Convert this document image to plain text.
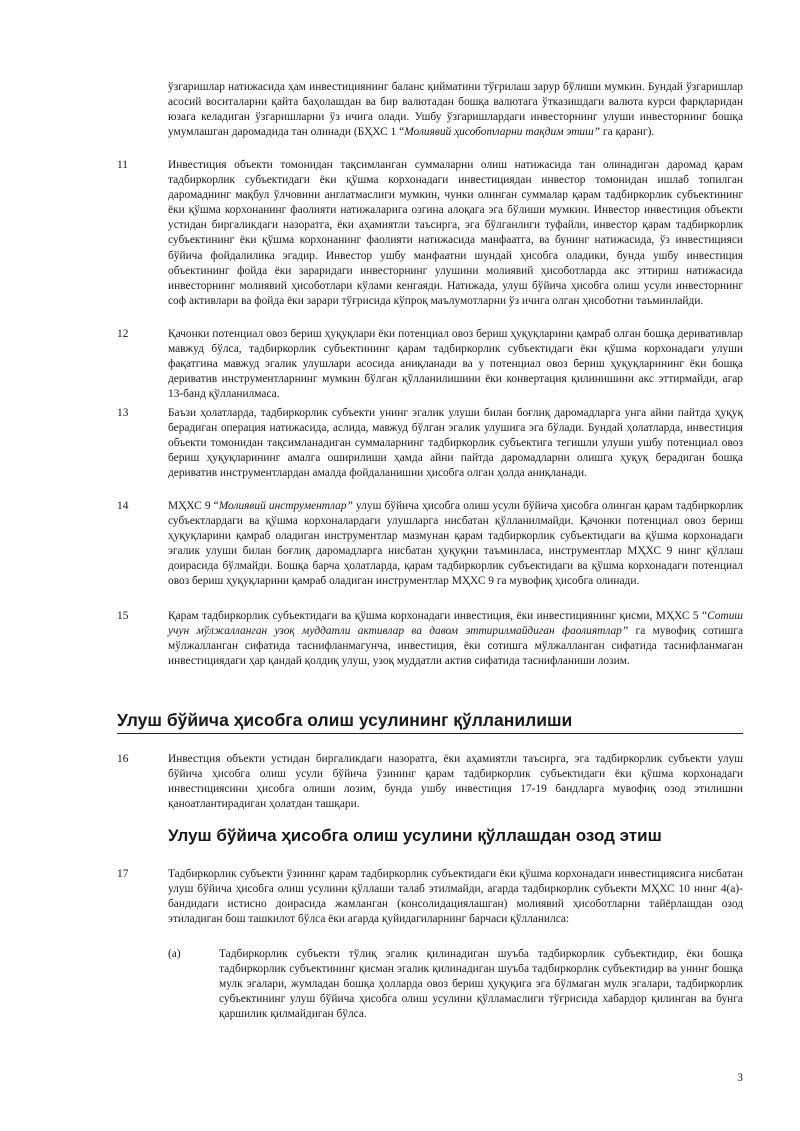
ўзгаришлар натижасида ҳам инвестициянинг баланс қийматини тўғрилаш зарур бўлиши мумкин. Бундай ўзгаришлар асосий воситаларни қайта баҳолашдан ва бир валютадан бошқа валютага ўтказишдаги валюта курси фарқларидан юзага келадиган ўзгаришларни ўз ичига олади. Ушбу ўзгаришлардаги инвесторнинг улуши инвесторнинг бошқа умумлашган даромадида тан олинади (БҲХС 1 “Молиявий ҳисоботларни тақдим этиш” га қаранг).
11	Инвестиция объекти томонидан тақсимланган суммаларни олиш натижасида тан олинадиган даромад қарам тадбиркорлик субъектидаги ёки қўшма корхонадаги инвестициядан инвестор томонидан ишлаб топилган даромаднинг мақбул ўлчовини англатмаслиги мумкин, чунки олинган суммалар қарам тадбиркорлик субъектининг ёки қўшма корхонанинг фаолияти натижаларига озгина алоқага эга бўлиши мумкин. Инвестор инвестиция объекти устидан биргаликдаги назоратга, ёки аҳамиятли таъсирга, эга бўлганлиги туфайли, инвестор қарам тадбиркорлик субъектининг ёки қўшма корхонанинг фаолияти натижасида манфаатга, ва бунинг натижасида, ўз инвестицияси бўйича фойдалилика эгадир. Инвестор ушбу манфаатни шундай ҳисобга оладики, бунда ушбу инвестиция объектининг фойда ёки зараридаги инвесторнинг улушини молиявий ҳисоботларда акс эттириш натижасида инвесторнинг молиявий ҳисоботлари кўлами кенгаяди. Натижада, улуш бўйича ҳисобга олиш усули инвесторнинг соф активлари ва фойда ёки зарари тўғрисида кўпроқ маълумотларни ўз ичига олган ҳисоботни таъминлайди.
12	Қачонки потенциал овоз бериш ҳуқуқлари ёки потенциал овоз бериш ҳуқуқларини қамраб олган бошқа деривативлар мавжуд бўлса, тадбиркорлик субъектининг қарам тадбиркорлик субъектидаги ёки қўшма корхонадаги улуши фақатгина мавжуд эгалик улушлари асосида аниқланади ва у потенциал овоз бериш ҳуқуқларининг ёки бошқа дериватив инструментларнинг мумкин бўлган қўлланилишини ёки конвертация қилинишини акс эттирмайди, агар 13-банд қўлланилмаса.
13	Баъзи ҳолатларда, тадбиркорлик субъекти унинг эгалик улуши билан боғлиқ даромадларга унга айни пайтда ҳуқуқ берадиган операция натижасида, аслида, мавжуд бўлган эгалик улушига эга бўлади. Бундай ҳолатларда, инвестиция объекти томонидан тақсимланадиган суммаларнинг тадбиркорлик субъектига тегишли улуши ушбу потенциал овоз бериш ҳуқуқларининг амалга оширилиши ҳамда айни пайтда даромадларни олишга ҳуқуқ берадиган бошқа дериватив инструментлардан амалда фойдаланишни ҳисобга олган ҳолда аниқланади.
14	МҲХС 9 “Молиявий инструментлар” улуш бўйича ҳисобга олиш усули бўйича ҳисобга олинган қарам тадбиркорлик субъектлардаги ва қўшма корхоналардаги улушларга нисбатан қўлланилмайди. Қачонки потенциал овоз бериш ҳуқуқларини қамраб оладиган инструментлар мазмунан қарам тадбиркорлик субъектидаги ва қўшма корхонадаги эгалик улуши билан боғлиқ даромадларга нисбатан ҳуқуқни таъминласа, инструментлар МҲХС 9 нинг қўллаш доирасида бўлмайди. Бошқа барча ҳолатларда, қарам тадбиркорлик субъектидаги ва қўшма корхонадаги потенциал овоз бериш ҳуқуқларини қамраб оладиган инструментлар МҲХС 9 га мувофиқ ҳисобга олинади.
15	Қарам тадбиркорлик субъектидаги ва қўшма корхонадаги инвестиция, ёки инвестициянинг қисми, МҲХС 5 “Сотиш учун мўлжалланган узоқ муддатли активлар ва давом эттирилмайдиган фаолиятлар” га мувофиқ сотишга мўлжалланган сифатида таснифланмагунча, инвестиция, ёки сотишга мўлжалланган сифатида таснифланмаган инвестициядаги ҳар қандай қолдиқ улуш, узоқ муддатли актив сифатида таснифланиши лозим.
Улуш бўйича ҳисобга олиш усулининг қўлланилиши
16	Инвестция объекти устидан биргаликдаги назоратга, ёки аҳамиятли таъсирга, эга тадбиркорлик субъекти улуш бўйича ҳисобга олиш усули бўйича ўзининг қарам тадбиркорлик субъектидаги ёки қўшма корхонадаги инвестициясини ҳисобга олиши лозим, бунда ушбу инвестиция 17-19 бандларга мувофиқ озод этилишни қаноатлантирадиган ҳолатдан ташқари.
Улуш бўйича ҳисобга олиш усулини қўллашдан озод этиш
17	Тадбиркорлик субъекти ўзининг қарам тадбиркорлик субъектидаги ёки қўшма корхонадаги инвестициясига нисбатан улуш бўйича ҳисобга олиш усулини қўллаши талаб этилмайди, агарда тадбиркорлик субъекти МҲХС 10 нинг 4(а)-бандидаги истисно доирасида жамланган (консолидациялашган) молиявий ҳисоботларни тайёрлашдан озод этиладиган бош ташкилот бўлса ёки агарда қуйидагиларнинг барчаси қўлланилса:
(a)	Тадбиркорлик субъекти тўлиқ эгалик қилинадиган шуъба тадбиркорлик субъектидир, ёки бошқа тадбиркорлик субъектининг қисман эгалик қилинадиган шуъба тадбиркорлик субъектидир ва унинг бошқа мулк эгалари, жумладан бошқа ҳолларда овоз бериш ҳуқуқига эга бўлмаган мулк эгалари, тадбиркорлик субъектининг улуш бўйича ҳисобга олиш усулини қўлламаслиги тўғрисида хабардор қилинган ва бунга қаршилик қилмайдиган бўлса.
3
